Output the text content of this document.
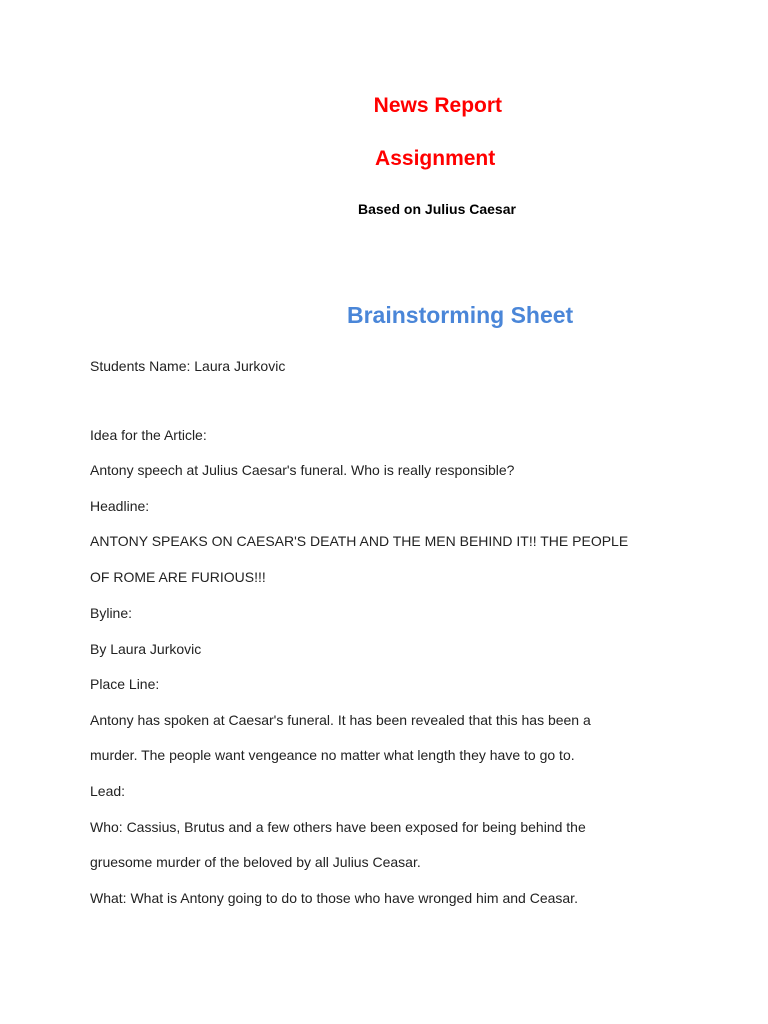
News Report
Assignment

Based on Julius Caesar

Brainstorming Sheet

Students Name: Laura Jurkovic

Idea for the Article:

Antony speech at Julius Caesar's funeral. Who is really responsible?

Headline:

ANTONY SPEAKS ON CAESAR'S DEATH AND THE MEN BEHIND IT!! THE PEOPLE

OF ROME ARE FURIOUS!!!

Byline:

By Laura Jurkovic

Place Line:

Antony has spoken at Caesar's funeral. It has been revealed that this has been a

murder. The people want vengeance no matter what length they have to go to.

Lead:

Who: Cassius, Brutus and a few others have been exposed for being behind the

gruesome murder of the beloved by all Julius Ceasar.

What: What is Antony going to do to those who have wronged him and Ceasar.
